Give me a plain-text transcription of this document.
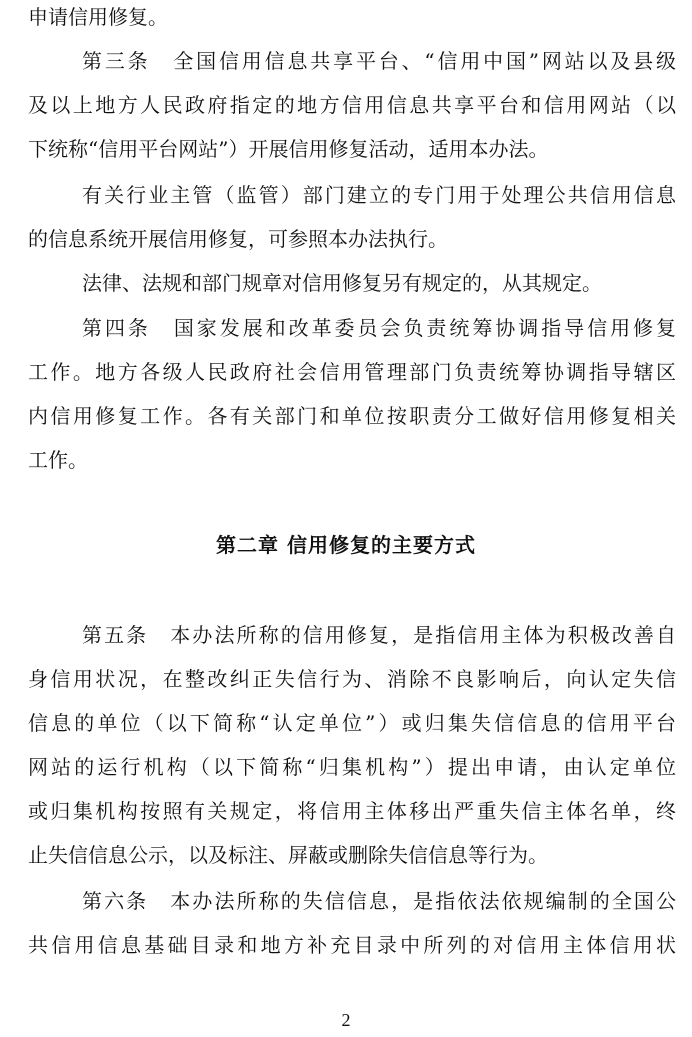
申请信用修复。
第三条　全国信用信息共享平台、“信用中国”网站以及县级
及以上地方人民政府指定的地方信用信息共享平台和信用网站（以
下统称“信用平台网站”）开展信用修复活动，适用本办法。
有关行业主管（监管）部门建立的专门用于处理公共信用信息
的信息系统开展信用修复，可参照本办法执行。
法律、法规和部门规章对信用修复另有规定的，从其规定。
第四条　国家发展和改革委员会负责统筹协调指导信用修复
工作。地方各级人民政府社会信用管理部门负责统筹协调指导辖区
内信用修复工作。各有关部门和单位按职责分工做好信用修复相关
工作。
第五条　本办法所称的信用修复，是指信用主体为积极改善自
身信用状况，在整改纠正失信行为、消除不良影响后，向认定失信
信息的单位（以下简称“认定单位”）或归集失信信息的信用平台
网站的运行机构（以下简称“归集机构”）提出申请，由认定单位
或归集机构按照有关规定，将信用主体移出严重失信主体名单，终
止失信信息公示，以及标注、屏蔽或删除失信信息等行为。
第六条　本办法所称的失信信息，是指依法依规编制的全国公
共信用信息基础目录和地方补充目录中所列的对信用主体信用状
第二章 信用修复的主要方式
2
